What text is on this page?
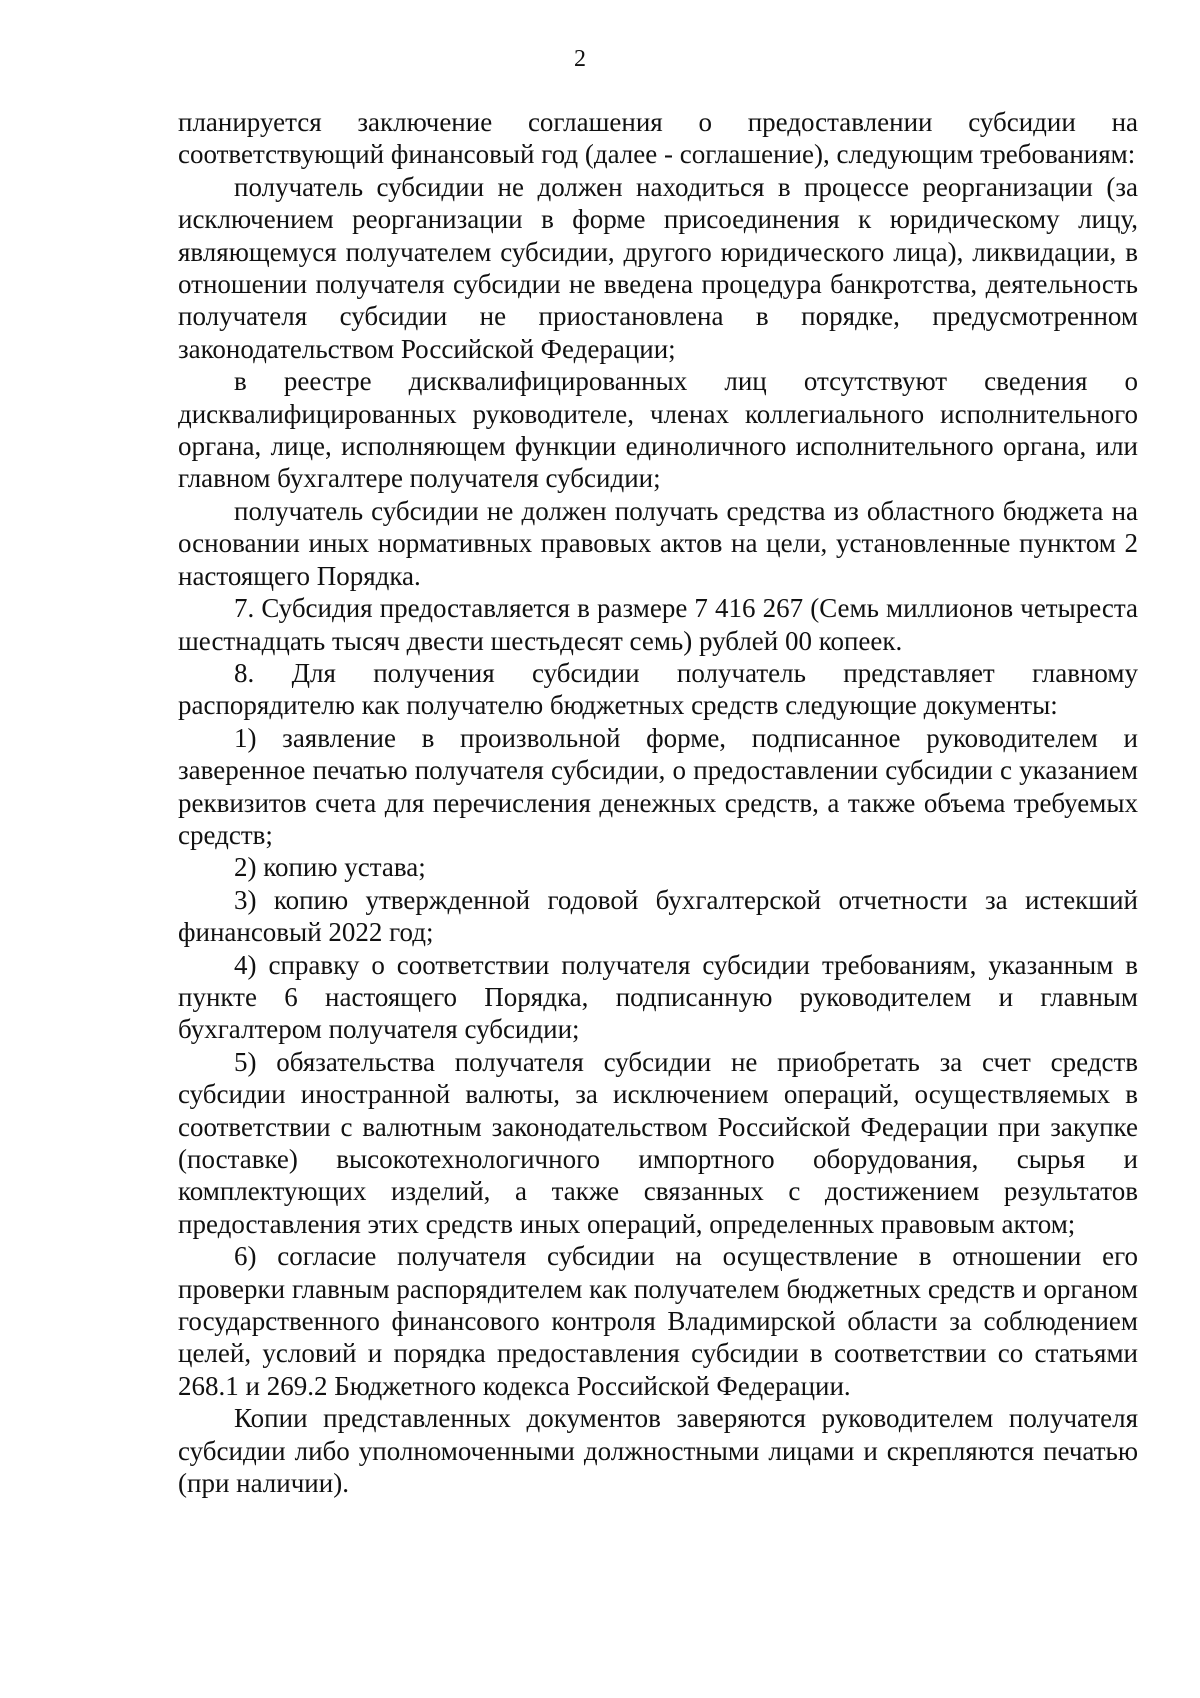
2

планируется заключение соглашения о предоставлении субсидии на соответствующий финансовый год (далее - соглашение), следующим требованиям:

получатель субсидии не должен находиться в процессе реорганизации (за исключением реорганизации в форме присоединения к юридическому лицу, являющемуся получателем субсидии, другого юридического лица), ликвидации, в отношении получателя субсидии не введена процедура банкротства, деятельность получателя субсидии не приостановлена в порядке, предусмотренном законодательством Российской Федерации;

в реестре дисквалифицированных лиц отсутствуют сведения о дисквалифицированных руководителе, членах коллегиального исполнительного органа, лице, исполняющем функции единоличного исполнительного органа, или главном бухгалтере получателя субсидии;

получатель субсидии не должен получать средства из областного бюджета на основании иных нормативных правовых актов на цели, установленные пунктом 2 настоящего Порядка.

7. Субсидия предоставляется в размере 7 416 267 (Семь миллионов четыреста шестнадцать тысяч двести шестьдесят семь) рублей 00 копеек.

8. Для получения субсидии получатель представляет главному распорядителю как получателю бюджетных средств следующие документы:

1) заявление в произвольной форме, подписанное руководителем и заверенное печатью получателя субсидии, о предоставлении субсидии с указанием реквизитов счета для перечисления денежных средств, а также объема требуемых средств;

2) копию устава;

3) копию утвержденной годовой бухгалтерской отчетности за истекший финансовый 2022 год;

4) справку о соответствии получателя субсидии требованиям, указанным в пункте 6 настоящего Порядка, подписанную руководителем и главным бухгалтером получателя субсидии;

5) обязательства получателя субсидии не приобретать за счет средств субсидии иностранной валюты, за исключением операций, осуществляемых в соответствии с валютным законодательством Российской Федерации при закупке (поставке) высокотехнологичного импортного оборудования, сырья и комплектующих изделий, а также связанных с достижением результатов предоставления этих средств иных операций, определенных правовым актом;

6) согласие получателя субсидии на осуществление в отношении его проверки главным распорядителем как получателем бюджетных средств и органом государственного финансового контроля Владимирской области за соблюдением целей, условий и порядка предоставления субсидии в соответствии со статьями 268.1 и 269.2 Бюджетного кодекса Российской Федерации.

Копии представленных документов заверяются руководителем получателя субсидии либо уполномоченными должностными лицами и скрепляются печатью (при наличии).
